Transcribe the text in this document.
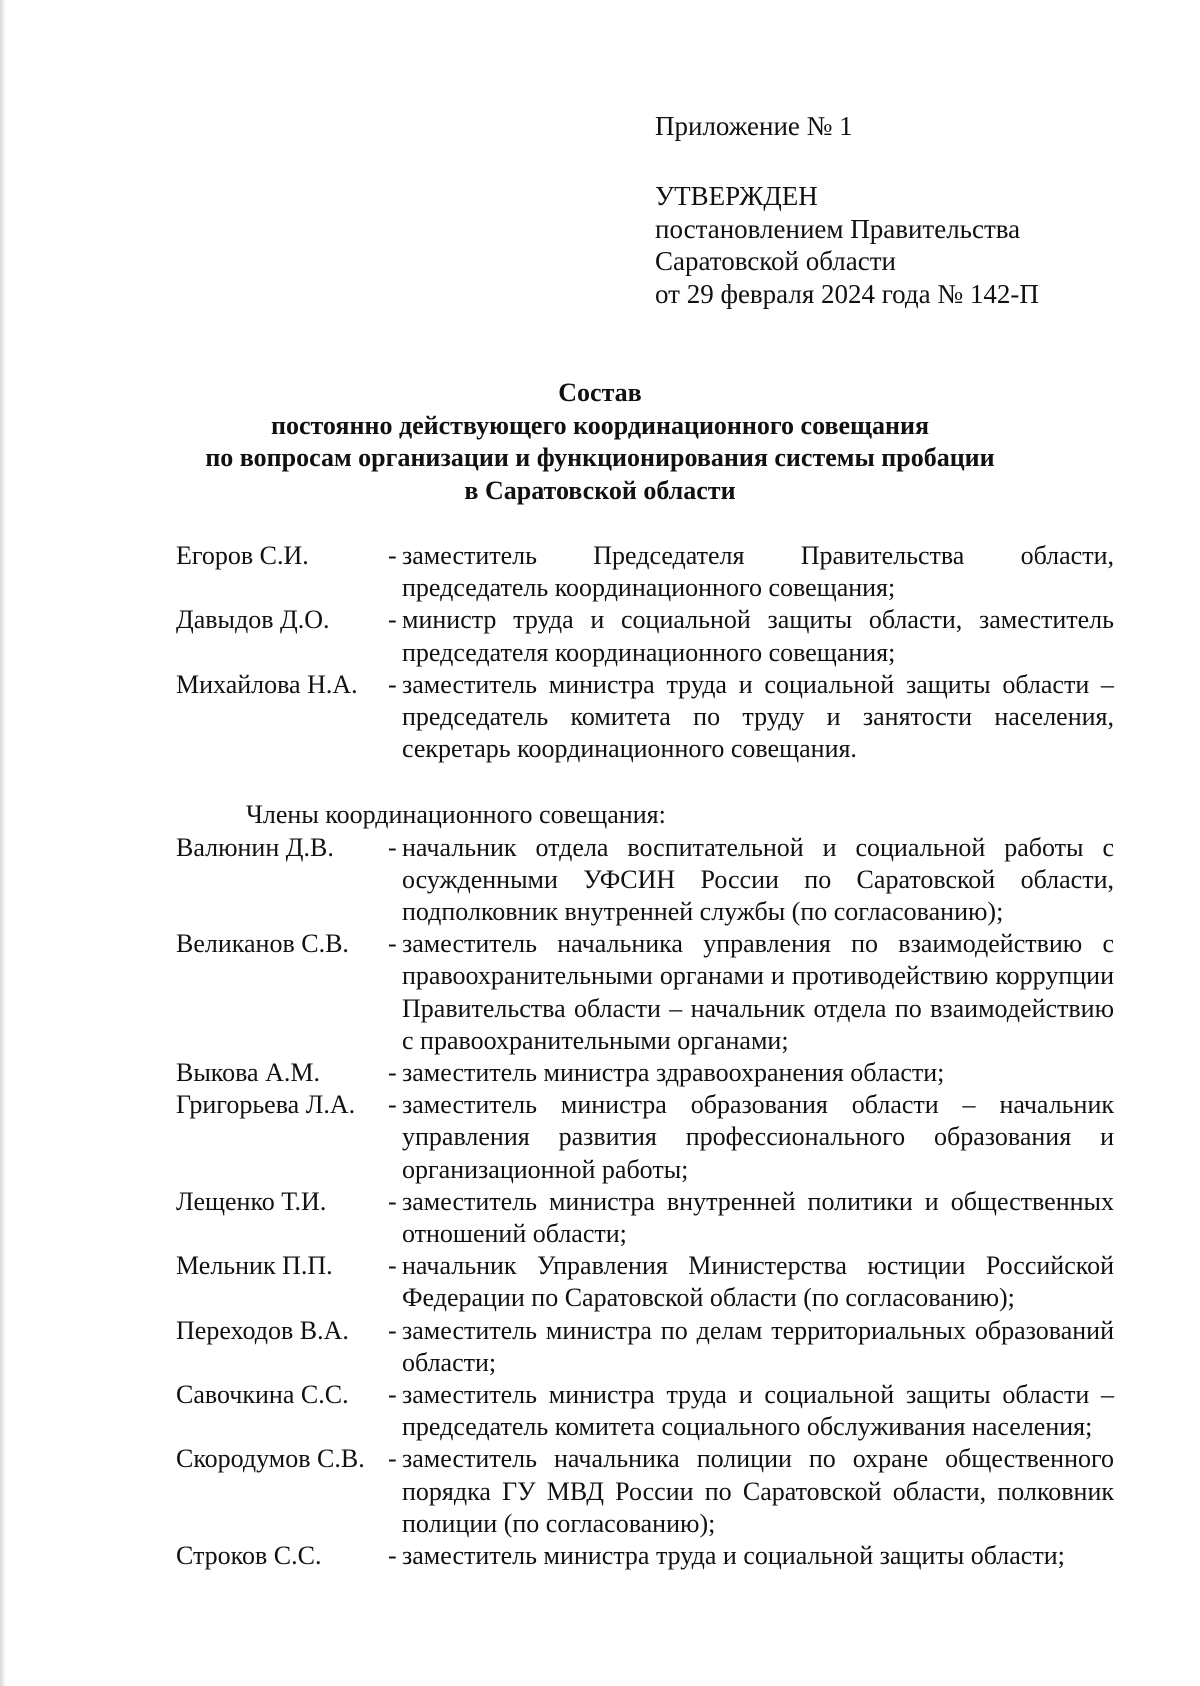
Приложение № 1
УТВЕРЖДЕН
постановлением Правительства
Саратовской области
от 29 февраля 2024 года № 142-П
Состав
постоянно действующего координационного совещания
по вопросам организации и функционирования системы пробации
в Саратовской области
Егоров С.И.	- заместитель Председателя Правительства области, председатель координационного совещания;
Давыдов Д.О.	- министр труда и социальной защиты области, заместитель председателя координационного совещания;
Михайлова Н.А.	- заместитель министра труда и социальной защиты области – председатель комитета по труду и занятости населения, секретарь координационного совещания.
Члены координационного совещания:
Валюнин Д.В.	- начальник отдела воспитательной и социальной работы с осужденными УФСИН России по Саратовской области, подполковник внутренней службы (по согласованию);
Великанов С.В.	- заместитель начальника управления по взаимодействию с правоохранительными органами и противодействию коррупции Правительства области – начальник отдела по взаимодействию с правоохранительными органами;
Выкова А.М.	- заместитель министра здравоохранения области;
Григорьева Л.А.	- заместитель министра образования области – начальник управления развития профессионального образования и организационной работы;
Лещенко Т.И.	- заместитель министра внутренней политики и общественных отношений области;
Мельник П.П.	- начальник Управления Министерства юстиции Российской Федерации по Саратовской области (по согласованию);
Переходов В.А.	- заместитель министра по делам территориальных образований области;
Савочкина С.С.	- заместитель министра труда и социальной защиты области – председатель комитета социального обслуживания населения;
Скородумов С.В. - заместитель начальника полиции по охране общественного порядка ГУ МВД России по Саратовской области, полковник полиции (по согласованию);
Строков С.С.	- заместитель министра труда и социальной защиты области;
